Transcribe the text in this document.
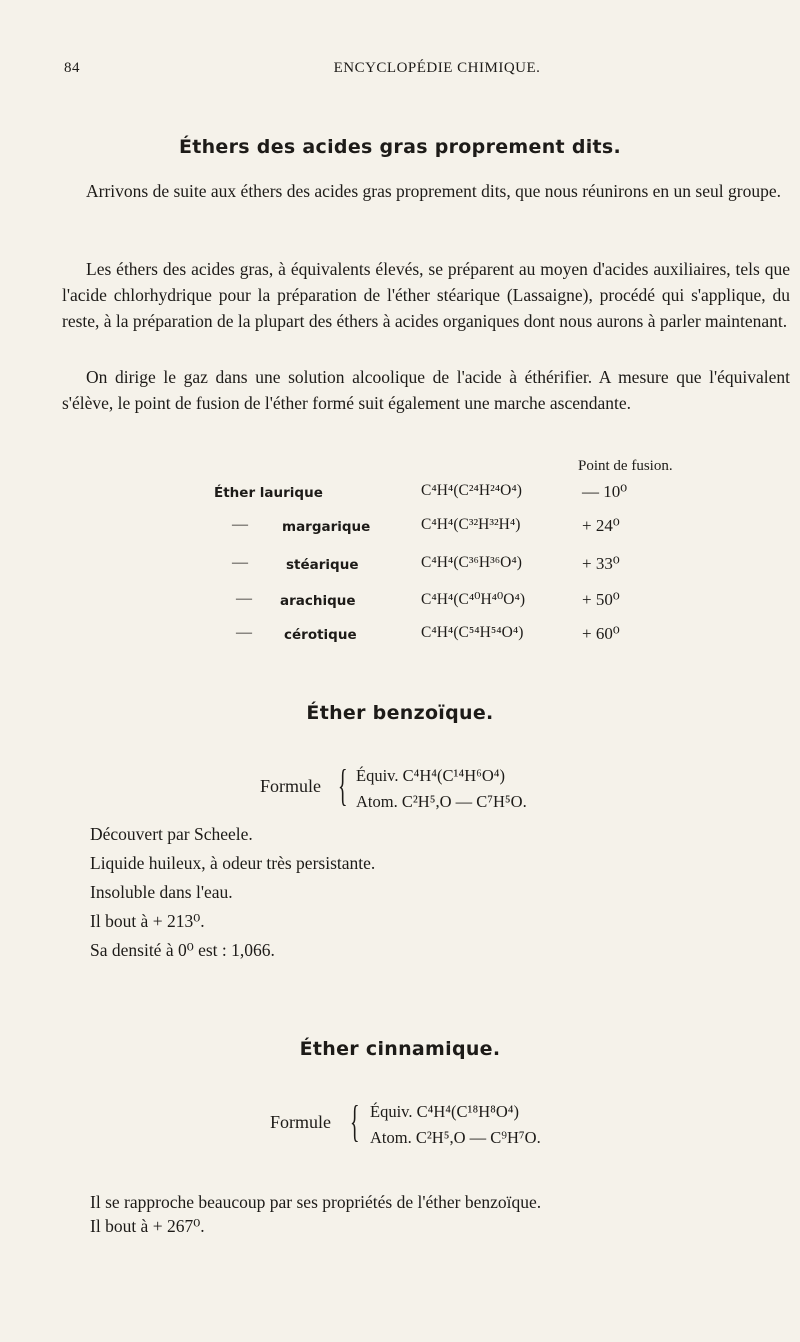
84	ENCYCLOPÉDIE CHIMIQUE.
Éthers des acides gras proprement dits.
Arrivons de suite aux éthers des acides gras proprement dits, que nous réunirons en un seul groupe.
Les éthers des acides gras, à équivalents élevés, se préparent au moyen d'acides auxiliaires, tels que l'acide chlorhydrique pour la préparation de l'éther stéarique (Lassaigne), procédé qui s'applique, du reste, à la préparation de la plupart des éthers à acides organiques dont nous aurons à parler maintenant.
On dirige le gaz dans une solution alcoolique de l'acide à éthérifier. A mesure que l'équivalent s'élève, le point de fusion de l'éther formé suit également une marche ascendante.
Point de fusion.
Éther laurique	C⁴H⁴(C²⁴H²⁴O⁴)	— 10⁰
—	margarique	C⁴H⁴(C³²H³²H⁴)	+ 24⁰
—	stéarique	C⁴H⁴(C³⁶H³⁶O⁴)	+ 33⁰
— arachique	C⁴H⁴(C⁴⁰H⁴⁰O⁴)	+ 50⁰
— cérotique	C⁴H⁴(C⁵⁴H⁵⁴O⁴)	+ 60⁰
Éther benzoïque.
Formule { Équiv. C⁴H⁴(C¹⁴H⁶O⁴)
Atom. C²H⁵,O — C⁷H⁵O.
Découvert par Scheele.
Liquide huileux, à odeur très persistante.
Insoluble dans l'eau.
Il bout à + 213⁰.
Sa densité à 0⁰ est : 1,066.
Éther cinnamique.
Formule { Équiv. C⁴H⁴(C¹⁸H⁸O⁴)
Atom. C²H⁵,O — C⁹H⁷O.
Il se rapproche beaucoup par ses propriétés de l'éther benzoïque.
Il bout à + 267⁰.
